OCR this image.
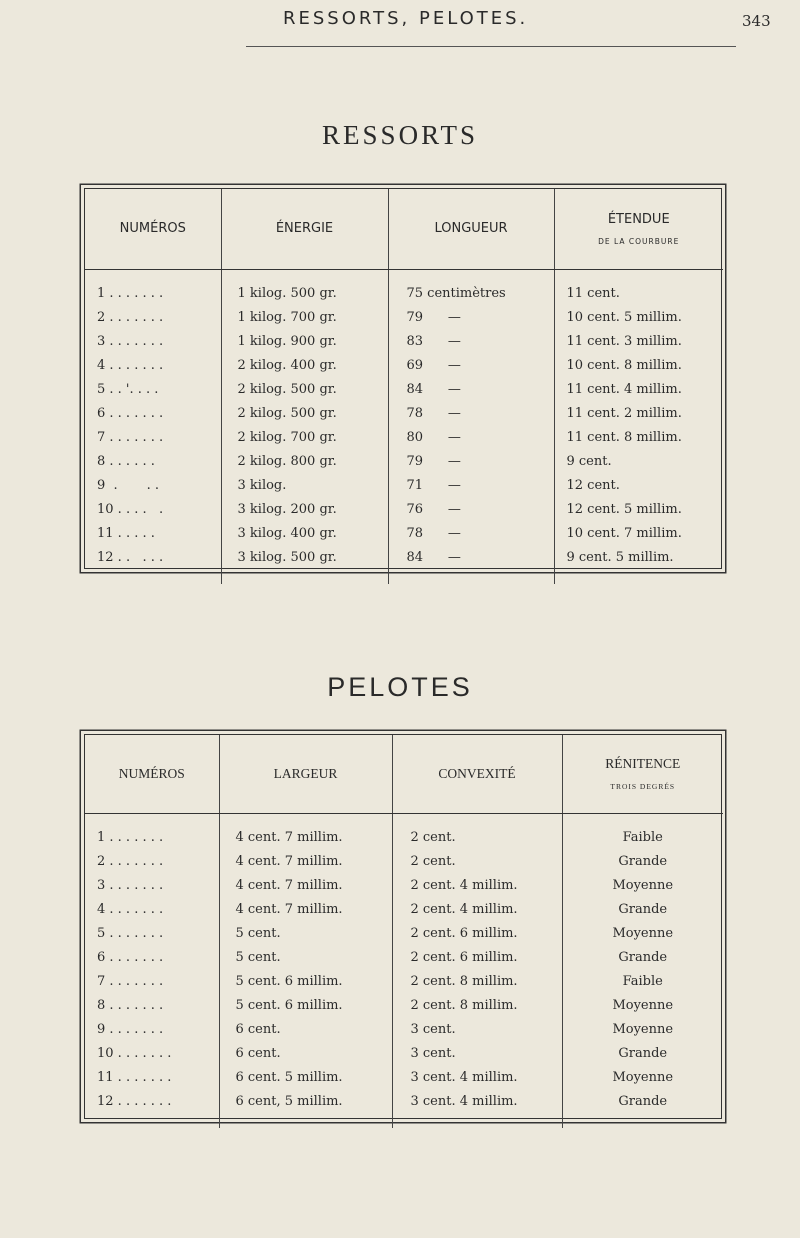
RESSORTS, PELOTES.	343
RESSORTS
NUMÉROS	ÉNERGIE	LONGUEUR	ÉTENDUE
DE LA COURBURE

1 . . . . . . .	1 kilog. 500 gr.	75 centimètres	11 cent.
2 . . . . . . .	1 kilog. 700 gr.	79      —	10 cent. 5 millim.
3 . . . . . . .	1 kilog. 900 gr.	83      —	11 cent. 3 millim.
4 . . . . . . .	2 kilog. 400 gr.	69      —	10 cent. 8 millim.
5 . . '. . . .	2 kilog. 500 gr.	84      —	11 cent. 4 millim.
6 . . . . . . .	2 kilog. 500 gr.	78      —	11 cent. 2 millim.
7 . . . . . . .	2 kilog. 700 gr.	80      —	11 cent. 8 millim.
8 . . . . . .	2 kilog. 800 gr.	79      —	9 cent.
9  .       . .	3 kilog.	71      —	12 cent.
10 . . . .   .	3 kilog. 200 gr.	76      —	12 cent. 5 millim.
11 . . . . .	3 kilog. 400 gr.	78      —	10 cent. 7 millim.
12 . .   . . .	3 kilog. 500 gr.	84      —	9 cent. 5 millim.
PELOTES
NUMÉROS	LARGEUR	CONVEXITÉ	RÉNITENCE
TROIS DEGRÉS

1 . . . . . . .	4 cent. 7 millim.	2 cent.	Faible
2 . . . . . . .	4 cent. 7 millim.	2 cent.	Grande
3 . . . . . . .	4 cent. 7 millim.	2 cent. 4 millim.	Moyenne
4 . . . . . . .	4 cent. 7 millim.	2 cent. 4 millim.	Grande
5 . . . . . . .	5 cent.	2 cent. 6 millim.	Moyenne
6 . . . . . . .	5 cent.	2 cent. 6 millim.	Grande
7 . . . . . . .	5 cent. 6 millim.	2 cent. 8 millim.	Faible
8 . . . . . . .	5 cent. 6 millim.	2 cent. 8 millim.	Moyenne
9 . . . . . . .	6 cent.	3 cent.	Moyenne
10 . . . . . . .	6 cent.	3 cent.	Grande
11 . . . . . . .	6 cent. 5 millim.	3 cent. 4 millim.	Moyenne
12 . . . . . . .	6 cent, 5 millim.	3 cent. 4 millim.	Grande
